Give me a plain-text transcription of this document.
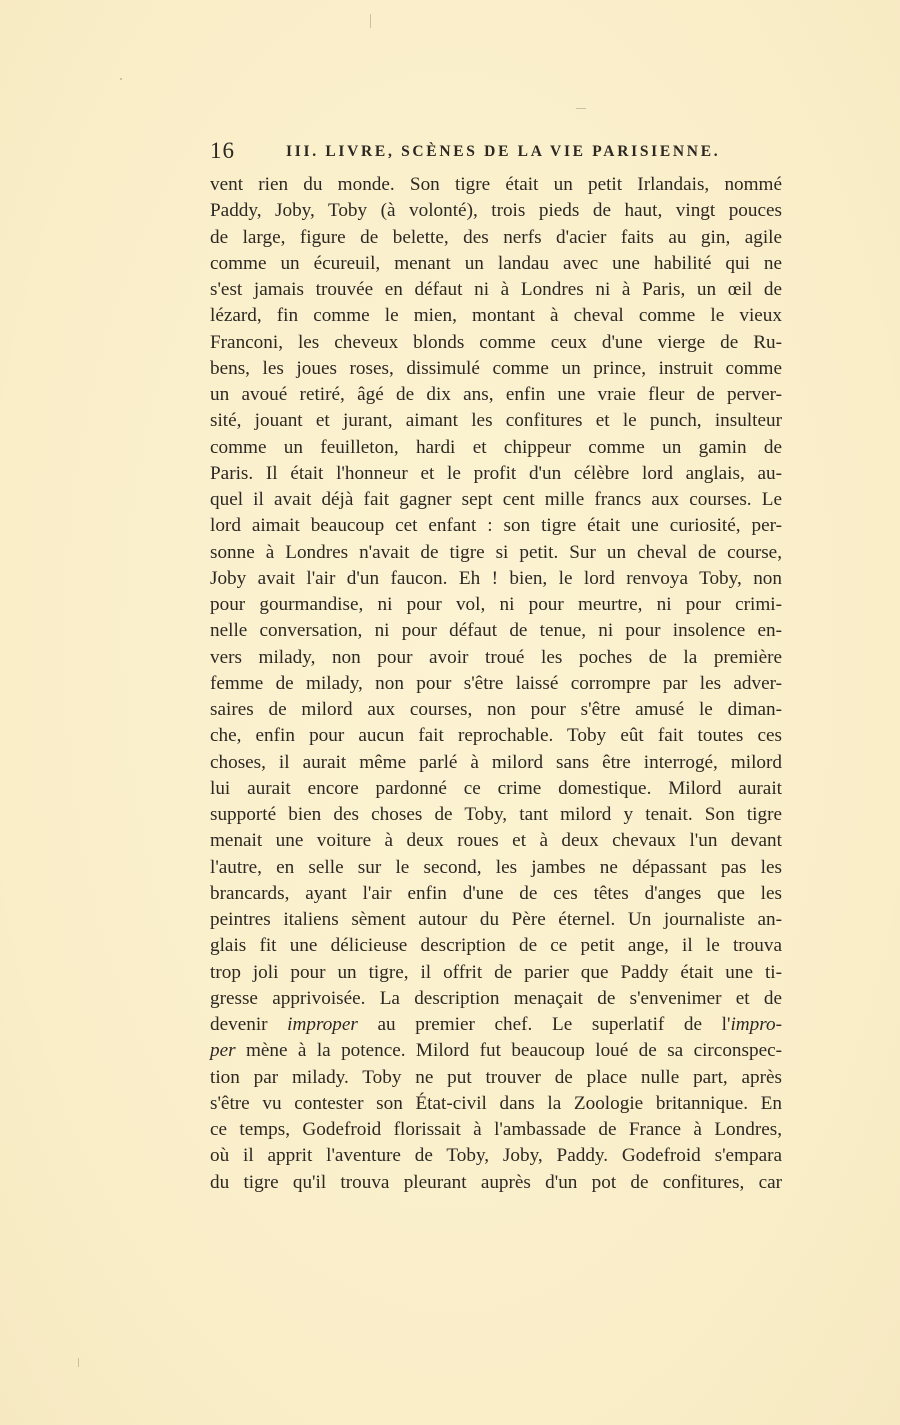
16	III. LIVRE, SCÈNES DE LA VIE PARISIENNE.
vent rien du monde. Son tigre était un petit Irlandais, nommé
Paddy, Joby, Toby (à volonté), trois pieds de haut, vingt pouces
de large, figure de belette, des nerfs d'acier faits au gin, agile
comme un écureuil, menant un landau avec une habilité qui ne
s'est jamais trouvée en défaut ni à Londres ni à Paris, un œil de
lézard, fin comme le mien, montant à cheval comme le vieux
Franconi, les cheveux blonds comme ceux d'une vierge de Ru-
bens, les joues roses, dissimulé comme un prince, instruit comme
un avoué retiré, âgé de dix ans, enfin une vraie fleur de perver-
sité, jouant et jurant, aimant les confitures et le punch, insulteur
comme un feuilleton, hardi et chippeur comme un gamin de
Paris. Il était l'honneur et le profit d'un célèbre lord anglais, au-
quel il avait déjà fait gagner sept cent mille francs aux courses. Le
lord aimait beaucoup cet enfant : son tigre était une curiosité, per-
sonne à Londres n'avait de tigre si petit. Sur un cheval de course,
Joby avait l'air d'un faucon. Eh ! bien, le lord renvoya Toby, non
pour gourmandise, ni pour vol, ni pour meurtre, ni pour crimi-
nelle conversation, ni pour défaut de tenue, ni pour insolence en-
vers milady, non pour avoir troué les poches de la première
femme de milady, non pour s'être laissé corrompre par les adver-
saires de milord aux courses, non pour s'être amusé le diman-
che, enfin pour aucun fait reprochable. Toby eût fait toutes ces
choses, il aurait même parlé à milord sans être interrogé, milord
lui aurait encore pardonné ce crime domestique. Milord aurait
supporté bien des choses de Toby, tant milord y tenait. Son tigre
menait une voiture à deux roues et à deux chevaux l'un devant
l'autre, en selle sur le second, les jambes ne dépassant pas les
brancards, ayant l'air enfin d'une de ces têtes d'anges que les
peintres italiens sèment autour du Père éternel. Un journaliste an-
glais fit une délicieuse description de ce petit ange, il le trouva
trop joli pour un tigre, il offrit de parier que Paddy était une ti-
gresse apprivoisée. La description menaçait de s'envenimer et de
devenir improper au premier chef. Le superlatif de l'impro-
per mène à la potence. Milord fut beaucoup loué de sa circonspec-
tion par milady. Toby ne put trouver de place nulle part, après
s'être vu contester son État-civil dans la Zoologie britannique. En
ce temps, Godefroid florissait à l'ambassade de France à Londres,
où il apprit l'aventure de Toby, Joby, Paddy. Godefroid s'empara
du tigre qu'il trouva pleurant auprès d'un pot de confitures, car
